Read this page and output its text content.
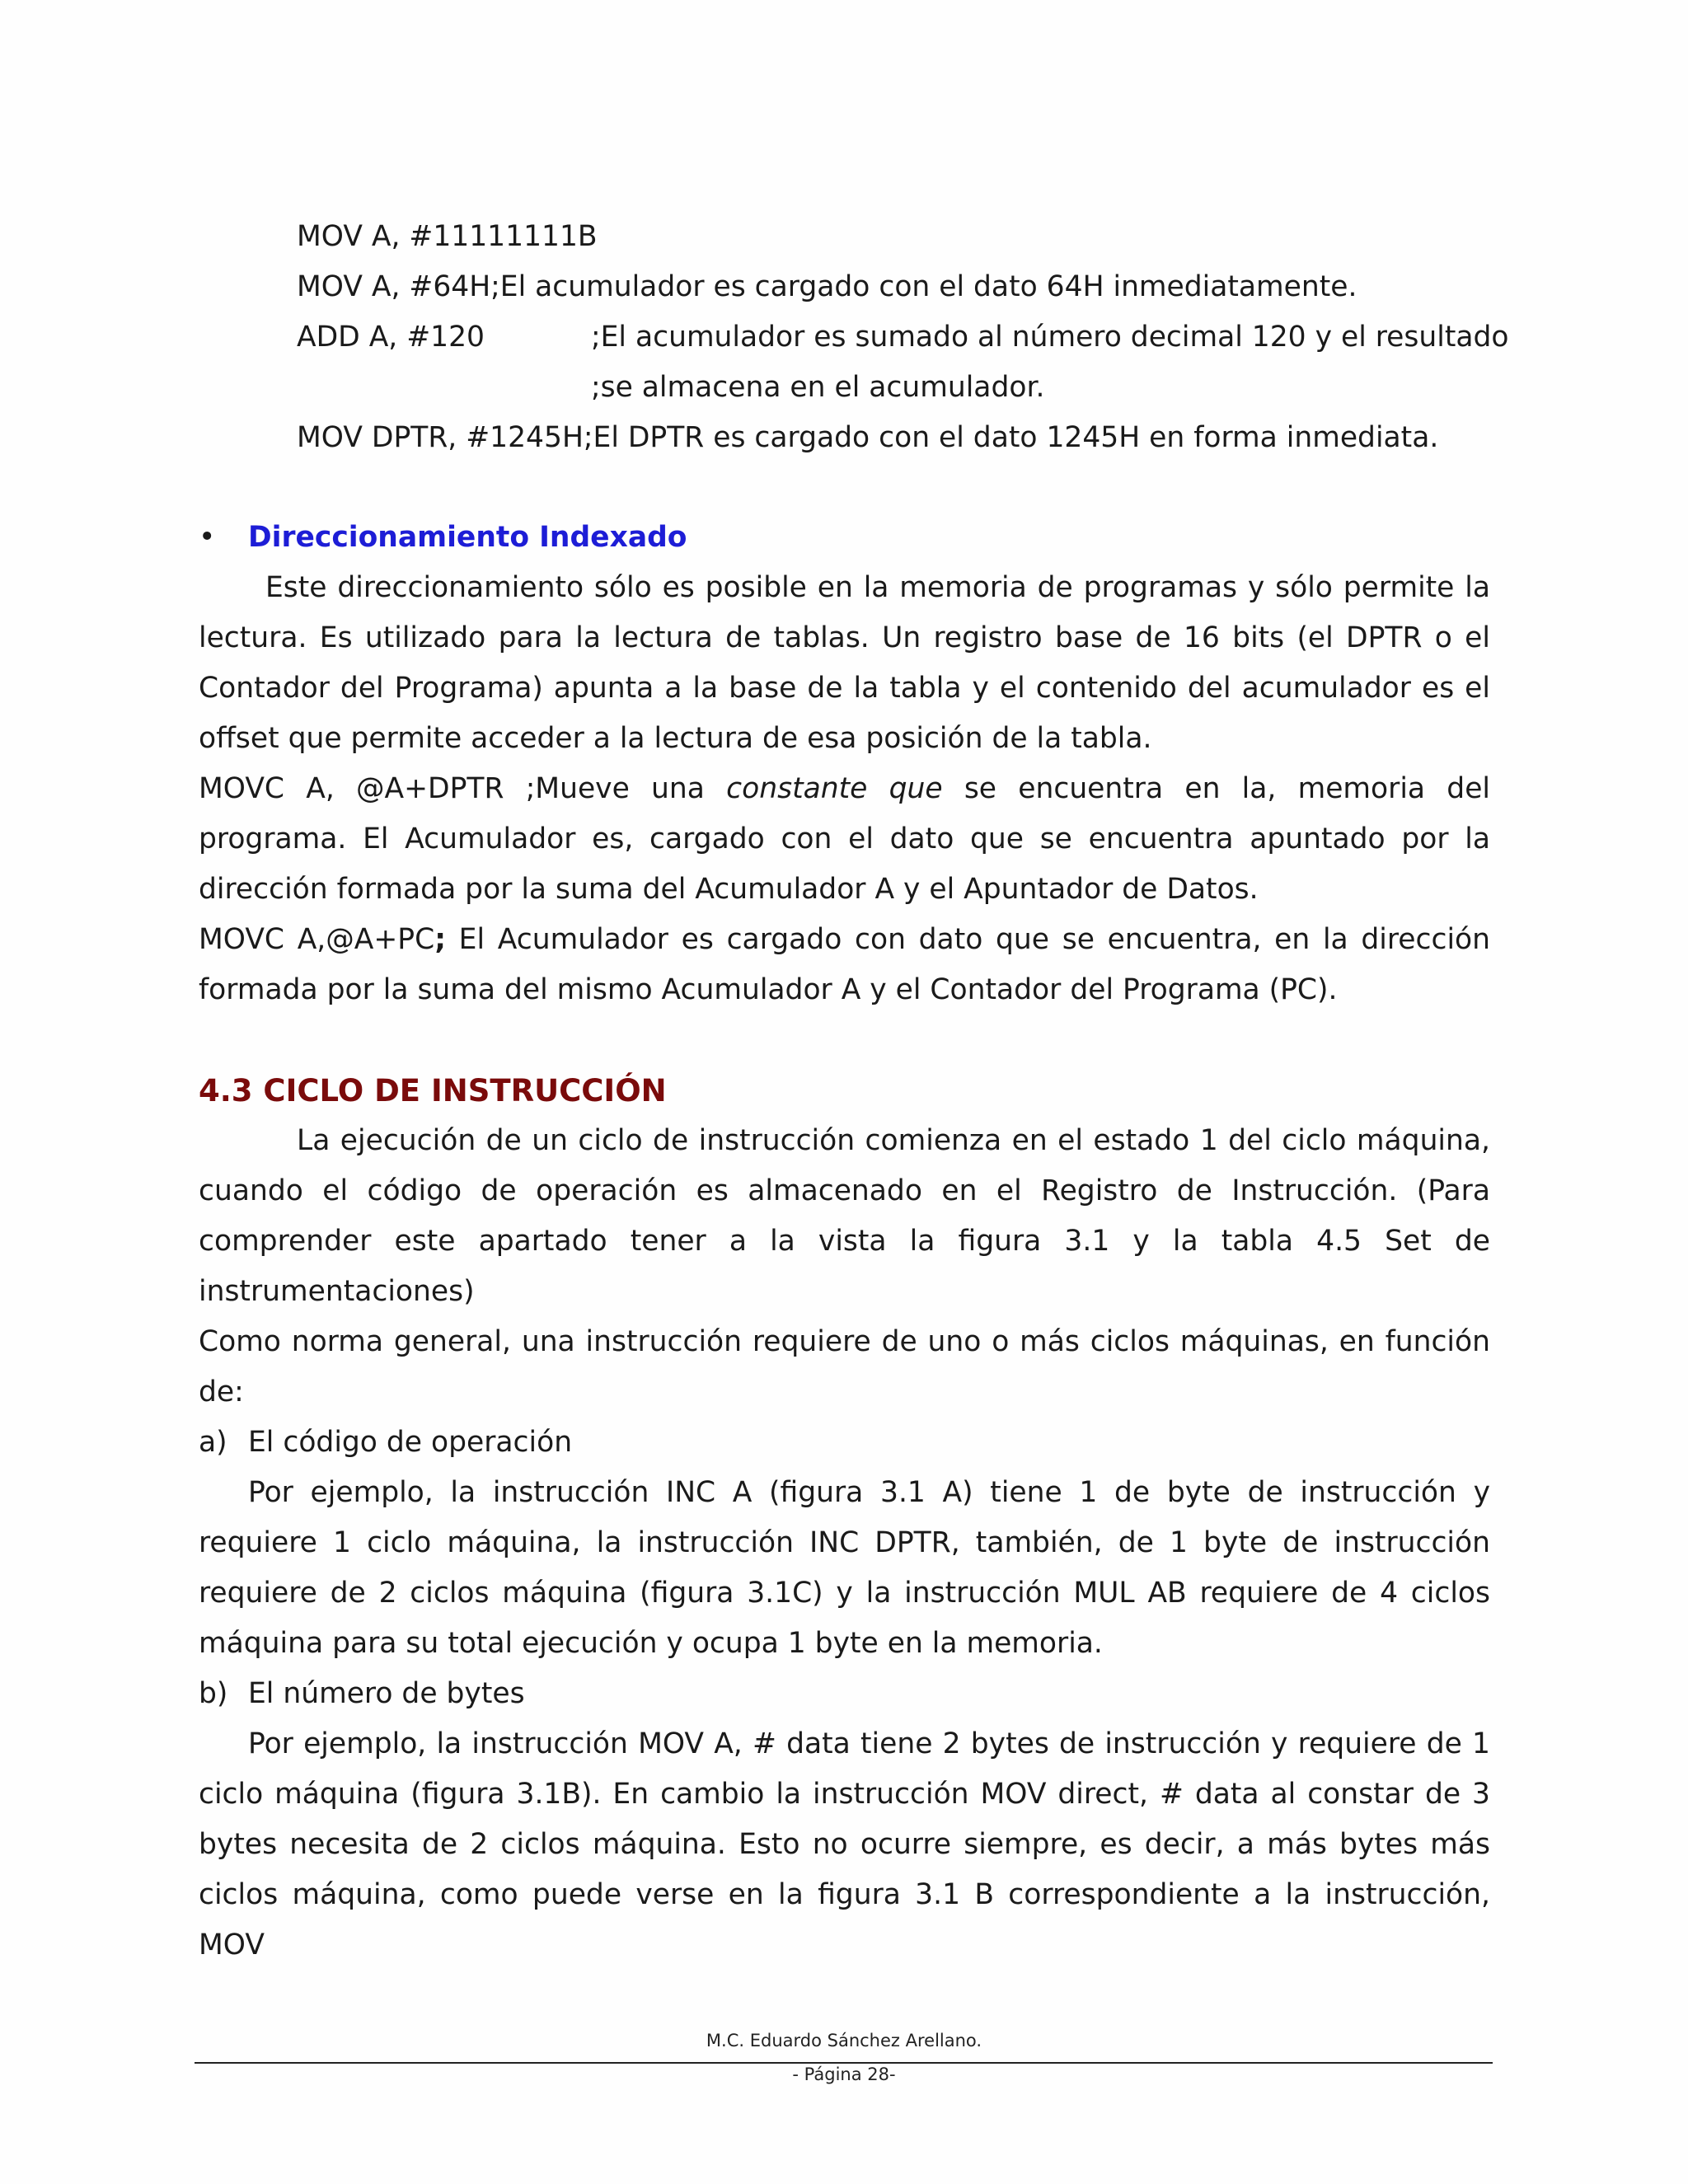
MOV A, #11111111B

MOV A, #64H;El acumulador es cargado con el dato 64H inmediatamente.

ADD A, #120	;El acumulador es sumado al número decimal 120 y el resultado

;se almacena en el acumulador.

MOV DPTR, #1245H;El DPTR es cargado con el dato 1245H en forma inmediata.

• Direccionamiento Indexado

Este direccionamiento sólo es posible en la memoria de programas y sólo permite la lectura. Es utilizado para la lectura de tablas. Un registro base de 16 bits (el DPTR o el Contador del Programa) apunta a la base de la tabla y el contenido del acumulador es el offset que permite acceder a la lectura de esa posición de la tabla.

MOVC A, @A+DPTR ;Mueve una constante que se encuentra en la, memoria del programa. El Acumulador es, cargado con el dato que se encuentra apuntado por la dirección formada por la suma del Acumulador A y el Apuntador de Datos.

MOVC A,@A+PC; El Acumulador es cargado con dato que se encuentra, en la dirección formada por la suma del mismo Acumulador A y el Contador del Programa (PC).

4.3 CICLO DE INSTRUCCIÓN

La ejecución de un ciclo de instrucción comienza en el estado 1 del ciclo máquina, cuando el código de operación es almacenado en el Registro de Instrucción. (Para comprender este apartado tener a la vista la figura 3.1 y la tabla 4.5 Set de instrumentaciones)

Como norma general, una instrucción requiere de uno o más ciclos máquinas, en función de:

a) El código de operación

Por ejemplo, la instrucción INC A (figura 3.1 A) tiene 1 de byte de instrucción y requiere 1 ciclo máquina, la instrucción INC DPTR, también, de 1 byte de instrucción requiere de 2 ciclos máquina (figura 3.1C) y la instrucción MUL AB requiere de 4 ciclos máquina para su total ejecución y ocupa 1 byte en la memoria.

b) El número de bytes

Por ejemplo, la instrucción MOV A, # data tiene 2 bytes de instrucción y requiere de 1 ciclo máquina (figura 3.1B). En cambio la instrucción MOV direct, # data al constar de 3 bytes necesita de 2 ciclos máquina. Esto no ocurre siempre, es decir, a más bytes más ciclos máquina, como puede verse en la figura 3.1 B correspondiente a la instrucción, MOV

M.C. Eduardo Sánchez Arellano.
- Página 28-
